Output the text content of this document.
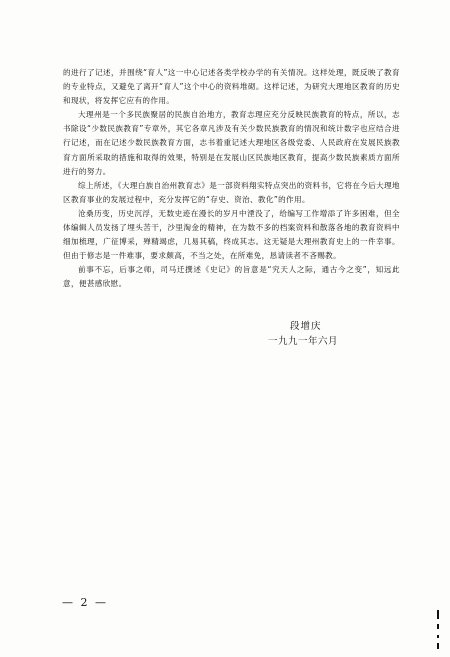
的进行了记述，并围绕“育人”这一中心记述各类学校办学的有关情况。这样处理，既反映了教育的专业特点，又避免了离开“育人”这个中心的资料堆砌。这样记述，为研究大理地区教育的历史和现状，将发挥它应有的作用。

大理州是一个多民族聚居的民族自治地方，教育志理应充分反映民族教育的特点，所以，志书除设“少数民族教育”专章外，其它各章凡涉及有关少数民族教育的情况和统计数字也应结合进行记述，而在记述少数民族教育方面，志书着重记述大理地区各级党委、人民政府在发展民族教育方面所采取的措施和取得的效果，特别是在发展山区民族地区教育，提高少数民族素质方面所进行的努力。

综上所述，《大理白族自治州教育志》是一部资料翔实特点突出的资料书，它将在今后大理地区教育事业的发展过程中，充分发挥它的“存史、资治、教化”的作用。

沧桑历变，历史沉浮，无数史迹在漫长的岁月中湮没了，给编写工作增添了许多困难，但全体编辑人员发扬了埋头苦干，沙里淘金的精神，在为数不多的档案资料和散落各地的教育资料中细加梳理，广征博采，殚精竭虑，几易其稿，终成其志。这无疑是大理州教育史上的一件幸事。但由于修志是一件难事，要求颇高，不当之处，在所难免，恳请读者不吝赐教。

前事不忘，后事之师，司马迁撰述《史记》的旨意是“究天人之际，通古今之变”，知远此意，便甚感欣慰。

段增庆
一九九一年六月
— 2 —
